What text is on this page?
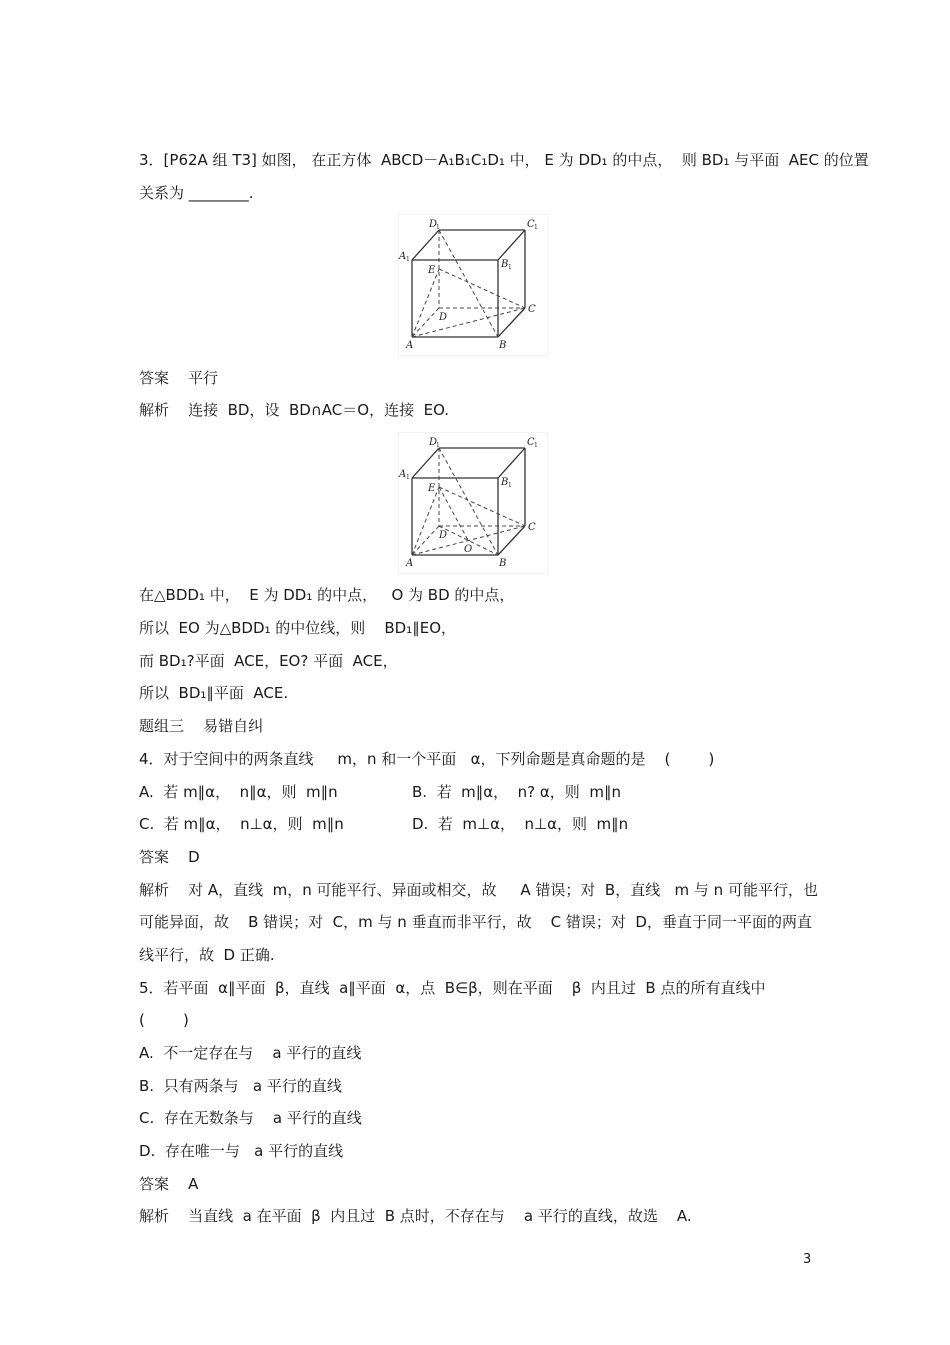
3．[P62A 组 T3] 如图， 在正方体  ABCD－A₁B₁C₁D₁ 中， E 为 DD₁ 的中点，  则 BD₁ 与平面  AEC 的位置
关系为 ________.
D
1	C 1
A 1	B 1
E
D
C
A	B
答案    平行
解析    连接  BD，设  BD∩AC＝O，连接  EO.
D
1	C 1
A 1	B 1
E
D
O
C
A	B
在△BDD₁ 中，  E 为 DD₁ 的中点，   O 为 BD 的中点，
所以  EO 为△BDD₁ 的中位线，则    BD₁∥EO，
而 BD₁?平面  ACE，EO? 平面  ACE，
所以  BD₁∥平面  ACE.
题组三    易错自纠
4．对于空间中的两条直线     m，n 和一个平面   α，下列命题是真命题的是    (        )
A.  若 m∥α，  n∥α，则  m∥n	B.  若  m∥α，  n? α，则  m∥n
C.  若 m∥α，  n⊥α，则  m∥n	D.  若  m⊥α，  n⊥α，则  m∥n
答案    D
解析    对 A，直线  m，n 可能平行、异面或相交，故     A 错误；对  B，直线   m 与 n 可能平行，也
可能异面，故    B 错误；对  C，m 与 n 垂直而非平行，故    C 错误；对  D，垂直于同一平面的两直
线平行，故  D 正确.
5．若平面  α∥平面  β，直线  a∥平面  α，点  B∈β，则在平面    β  内且过  B 点的所有直线中
(        )
A.  不一定存在与    a 平行的直线
B.  只有两条与   a 平行的直线
C.  存在无数条与    a 平行的直线
D.  存在唯一与   a 平行的直线
答案    A
解析    当直线  a 在平面  β  内且过  B 点时，不存在与    a 平行的直线，故选    A.
3
